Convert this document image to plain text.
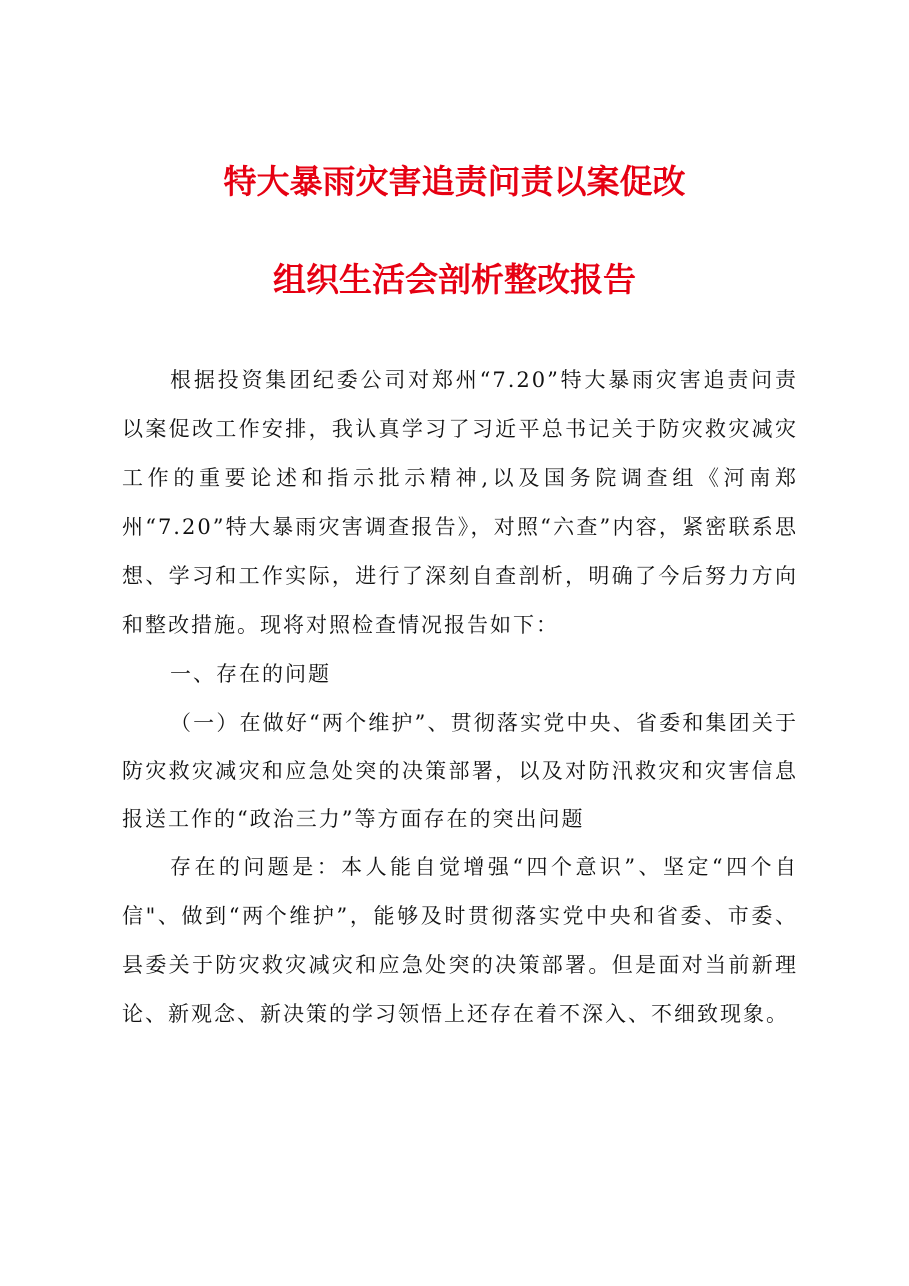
特大暴雨灾害追责问责以案促改
组织生活会剖析整改报告

根据投资集团纪委公司对郑州“7.20”特大暴雨灾害追责问责以案促改工作安排，我认真学习了习近平总书记关于防灾救灾减灾工作的重要论述和指示批示精神,以及国务院调查组《河南郑州“7.20”特大暴雨灾害调查报告》，对照“六查”内容，紧密联系思想、学习和工作实际，进行了深刻自查剖析，明确了今后努力方向和整改措施。现将对照检查情况报告如下：

一、存在的问题

（一）在做好“两个维护”、贯彻落实党中央、省委和集团关于防灾救灾减灾和应急处突的决策部署，以及对防汛救灾和灾害信息报送工作的“政治三力”等方面存在的突出问题

存在的问题是：本人能自觉增强“四个意识”、坚定“四个自信"、做到“两个维护”，能够及时贯彻落实党中央和省委、市委、县委关于防灾救灾减灾和应急处突的决策部署。但是面对当前新理论、新观念、新决策的学习领悟上还存在着不深入、不细致现象。
